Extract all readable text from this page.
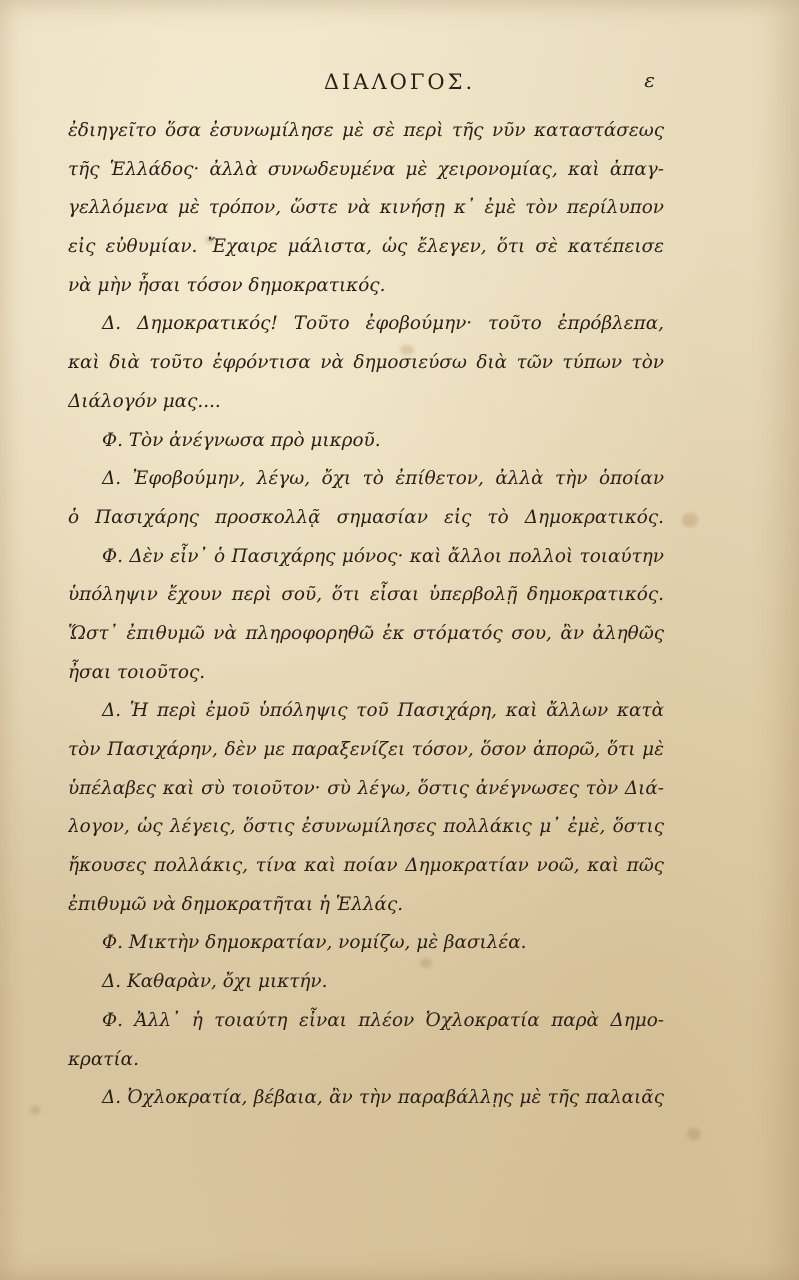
ΔΙΑΛΟΓΟΣ.	ε
ἐδιηγεῖτο ὅσα ἐσυνωμίλησε μὲ σὲ περὶ τῆς νῦν καταστάσεως
τῆς Ἑλλάδος· ἀλλὰ συνωδευμένα μὲ χειρονομίας, καὶ ἀπαγ-
γελλόμενα μὲ τρόπον, ὥστε νὰ κινήσῃ κ᾽ ἐμὲ τὸν περίλυπον
εἰς εὐθυμίαν. Ἔχαιρε μάλιστα, ὡς ἔλεγεν, ὅτι σὲ κατέπεισε
νὰ μὴν ἦσαι τόσον δημοκρατικός.
Δ. Δημοκρατικός! Τοῦτο ἐφοβούμην· τοῦτο ἐπρόβλεπα,
καὶ διὰ τοῦτο ἐφρόντισα νὰ δημοσιεύσω διὰ τῶν τύπων τὸν
Διάλογόν μας....
Φ. Τὸν ἀνέγνωσα πρὸ μικροῦ.
Δ. Ἐφοβούμην, λέγω, ὄχι τὸ ἐπίθετον, ἀλλὰ τὴν ὁποίαν
ὁ Πασιχάρης προσκολλᾷ σημασίαν εἰς τὸ Δημοκρατικός.
Φ. Δὲν εἶν᾽ ὁ Πασιχάρης μόνος· καὶ ἄλλοι πολλοὶ τοιαύτην
ὑπόληψιν ἔχουν περὶ σοῦ, ὅτι εἶσαι ὑπερβολῇ δημοκρατικός.
Ὥστ᾽ ἐπιθυμῶ νὰ πληροφορηθῶ ἐκ στόματός σου, ἂν ἀληθῶς
ἦσαι τοιοῦτος.
Δ. Ἡ περὶ ἐμοῦ ὑπόληψις τοῦ Πασιχάρη, καὶ ἄλλων κατὰ
τὸν Πασιχάρην, δὲν με παραξενίζει τόσον, ὅσον ἀπορῶ, ὅτι μὲ
ὑπέλαβες καὶ σὺ τοιοῦτον· σὺ λέγω, ὅστις ἀνέγνωσες τὸν Διά-
λογον, ὡς λέγεις, ὅστις ἐσυνωμίλησες πολλάκις μ᾽ ἐμὲ, ὅστις
ἤκουσες πολλάκις, τίνα καὶ ποίαν Δημοκρατίαν νοῶ, καὶ πῶς
ἐπιθυμῶ νὰ δημοκρατῆται ἡ Ἑλλάς.
Φ. Μικτὴν δημοκρατίαν, νομίζω, μὲ βασιλέα.
Δ. Καθαρὰν, ὄχι μικτήν.
Φ. Ἀλλ᾽ ἡ τοιαύτη εἶναι πλέον Ὀχλοκρατία παρὰ Δημο-
κρατία.
Δ. Ὀχλοκρατία, βέβαια, ἂν τὴν παραβάλλῃς μὲ τῆς παλαιᾶς
